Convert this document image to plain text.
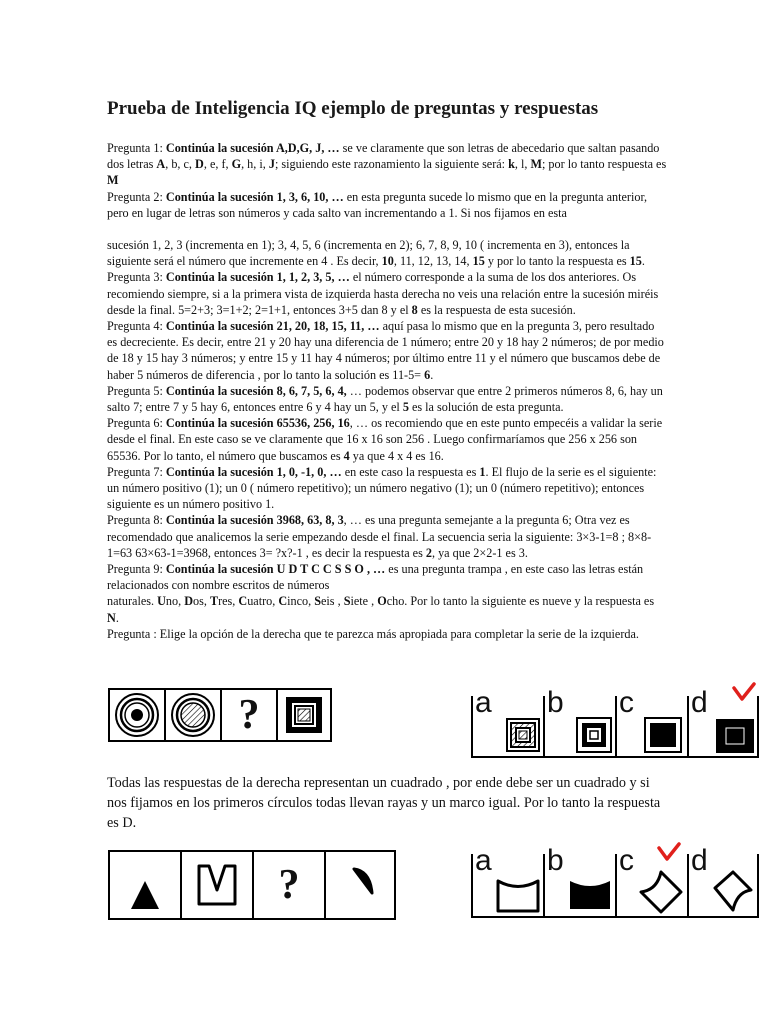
Prueba de Inteligencia IQ ejemplo de preguntas y respuestas

Pregunta 1: Continúa la sucesión A,D,G, J, … se ve claramente que son letras de abecedario que saltan pasando dos letras A, b, c, D, e, f, G, h, i, J; siguiendo este razonamiento la siguiente será: k, l, M; por lo tanto respuesta es M

Pregunta 2: Continúa la sucesión 1, 3, 6, 10, … en esta pregunta sucede lo mismo que en la pregunta anterior, pero en lugar de letras son números y cada salto van incrementando a 1. Si nos fijamos en esta

sucesión 1, 2, 3 (incrementa en 1); 3, 4, 5, 6 (incrementa en 2); 6, 7, 8, 9, 10 ( incrementa en 3), entonces la siguiente será el número que incremente en 4 . Es decir, 10, 11, 12, 13, 14, 15 y por lo tanto la respuesta es 15.

Pregunta 3: Continúa la sucesión 1, 1, 2, 3, 5, … el número corresponde a la suma de los dos anteriores. Os recomiendo siempre, si a la primera vista de izquierda hasta derecha no veis una relación entre la sucesión miréis desde la final. 5=2+3; 3=1+2; 2=1+1, entonces 3+5 dan 8 y el 8 es la respuesta de esta sucesión.

Pregunta 4: Continúa la sucesión 21, 20, 18, 15, 11, … aquí pasa lo mismo que en la pregunta 3, pero resultado es decreciente. Es decir, entre 21 y 20 hay una diferencia de 1 número; entre 20 y 18 hay 2 números; de por medio de 18 y 15 hay 3 números; y entre 15 y 11 hay 4 números; por último entre 11 y el número que buscamos debe de haber 5 números de diferencia , por lo tanto la solución es 11-5= 6.

Pregunta 5: Continúa la sucesión 8, 6, 7, 5, 6, 4, … podemos observar que entre 2 primeros números 8, 6, hay un salto 7; entre 7 y 5 hay 6, entonces entre 6 y 4 hay un 5, y el 5 es la solución de esta pregunta.

Pregunta 6: Continúa la sucesión 65536, 256, 16, … os recomiendo que en este punto empecéis a validar la serie desde el final. En este caso se ve claramente que 16 x 16 son 256 . Luego confirmaríamos que 256 x 256 son 65536. Por lo tanto, el número que buscamos es 4 ya que 4 x 4 es 16.

Pregunta 7: Continúa la sucesión 1, 0, -1, 0, … en este caso la respuesta es 1. El flujo de la serie es el siguiente: un número positivo (1); un 0 ( número repetitivo); un número negativo (1); un 0 (número repetitivo); entonces siguiente es un número positivo 1.

Pregunta 8: Continúa la sucesión 3968, 63, 8, 3, … es una pregunta semejante a la pregunta 6; Otra vez es recomendado que analicemos la serie empezando desde el final. La secuencia seria la siguiente: 3×3-1=8 ; 8×8-1=63 63×63-1=3968, entonces 3= ?x?-1 , es decir la respuesta es 2, ya que 2×2-1 es 3.

Pregunta 9: Continúa la sucesión U D T C C S S O , … es una pregunta trampa , en este caso las letras están relacionados con nombre escritos de números

naturales. Uno, Dos, Tres, Cuatro, Cinco, Seis , Siete , Ocho. Por lo tanto la siguiente es nueve y la respuesta es N.

Pregunta : Elige la opción de la derecha que te parezca más apropiada para completar la serie de la izquierda.

?	a b c d
Todas las respuestas de la derecha representan un cuadrado , por ende debe ser un cuadrado y si nos fijamos en los primeros círculos todas llevan rayas y un marco igual. Por lo tanto la respuesta es D.
?
a b c d
